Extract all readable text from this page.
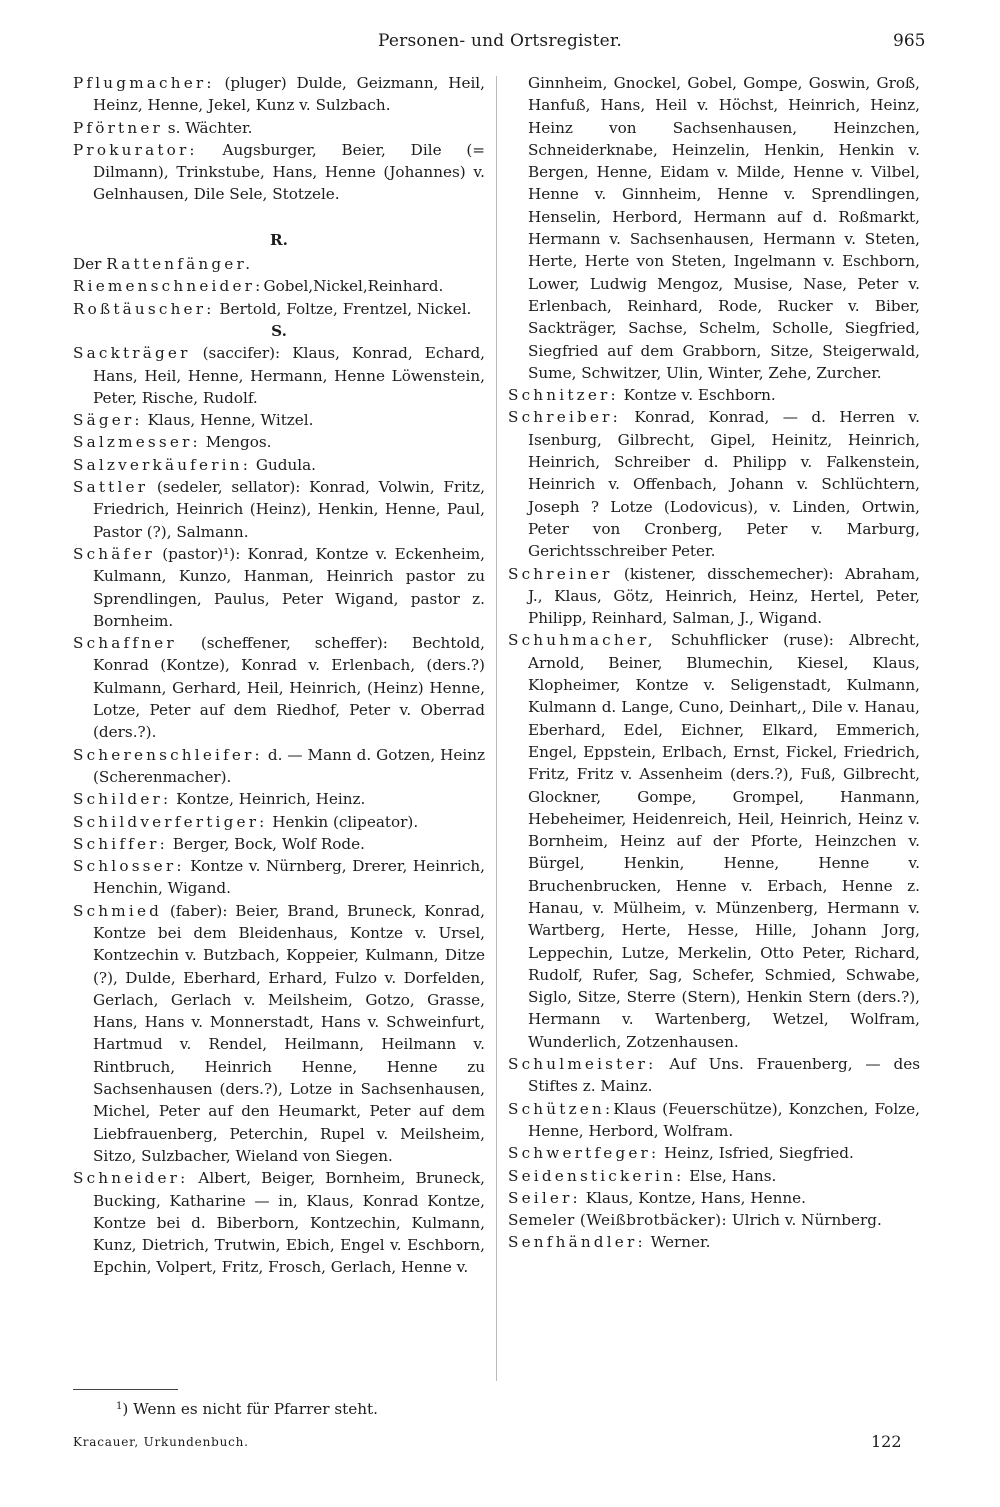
Personen- und Ortsregister.	965

Pflugmacher: (pluger) Dulde, Geizmann, Heil, Heinz, Henne, Jekel, Kunz v. Sulzbach.

Pförtner s. Wächter.

Prokurator: Augsburger, Beier, Dile (= Dilmann), Trinkstube, Hans, Henne (Johannes) v. Gelnhausen, Dile Sele, Stotzele.

R.

Der Rattenfänger.

Riemenschneider:Gobel,Nickel,Reinhard.

Roßtäuscher: Bertold, Foltze, Frentzel, Nickel.

S.

Sackträger (saccifer): Klaus, Konrad, Echard, Hans, Heil, Henne, Hermann, Henne Löwenstein, Peter, Rische, Rudolf.

Säger: Klaus, Henne, Witzel.

Salzmesser: Mengos.

Salzverkäuferin: Gudula.

Sattler (sedeler, sellator): Konrad, Volwin, Fritz, Friedrich, Heinrich (Heinz), Henkin, Henne, Paul, Pastor (?), Salmann.

Schäfer (pastor)¹): Konrad, Kontze v. Eckenheim, Kulmann, Kunzo, Hanman, Heinrich pastor zu Sprendlingen, Paulus, Peter Wigand, pastor z. Bornheim.

Schaffner (scheffener, scheffer): Bechtold, Konrad (Kontze), Konrad v. Erlenbach, (ders.?) Kulmann, Gerhard, Heil, Heinrich, (Heinz) Henne, Lotze, Peter auf dem Riedhof, Peter v. Oberrad (ders.?).

Scherenschleifer: d. — Mann d. Gotzen, Heinz (Scherenmacher).

Schilder: Kontze, Heinrich, Heinz.

Schildverfertiger: Henkin (clipeator).

Schiffer: Berger, Bock, Wolf Rode.

Schlosser: Kontze v. Nürnberg, Drerer, Heinrich, Henchin, Wigand.

Schmied (faber): Beier, Brand, Bruneck, Konrad, Kontze bei dem Bleidenhaus, Kontze v. Ursel, Kontzechin v. Butzbach, Koppeier, Kulmann, Ditze (?), Dulde, Eberhard, Erhard, Fulzo v. Dorfelden, Gerlach, Gerlach v. Meilsheim, Gotzo, Grasse, Hans, Hans v. Monnerstadt, Hans v. Schweinfurt, Hartmud v. Rendel, Heilmann, Heilmann v. Rintbruch, Heinrich Henne, Henne zu Sachsenhausen (ders.?), Lotze in Sachsenhausen, Michel, Peter auf den Heumarkt, Peter auf dem Liebfrauenberg, Peterchin, Rupel v. Meilsheim, Sitzo, Sulzbacher, Wieland von Siegen.

Schneider: Albert, Beiger, Bornheim, Bruneck, Bucking, Katharine — in, Klaus, Konrad Kontze, Kontze bei d. Biberborn, Kontzechin, Kulmann, Kunz, Dietrich, Trutwin, Ebich, Engel v. Eschborn, Epchin, Volpert, Fritz, Frosch, Gerlach, Henne v.

Ginnheim, Gnockel, Gobel, Gompe, Goswin, Groß, Hanfuß, Hans, Heil v. Höchst, Heinrich, Heinz, Heinz von Sachsenhausen, Heinzchen, Schneiderknabe, Heinzelin, Henkin, Henkin v. Bergen, Henne, Eidam v. Milde, Henne v. Vilbel, Henne v. Ginnheim, Henne v. Sprendlingen, Henselin, Herbord, Hermann auf d. Roßmarkt, Hermann v. Sachsenhausen, Hermann v. Steten, Herte, Herte von Steten, Ingelmann v. Eschborn, Lower, Ludwig Mengoz, Musise, Nase, Peter v. Erlenbach, Reinhard, Rode, Rucker v. Biber, Sackträger, Sachse, Schelm, Scholle, Siegfried, Siegfried auf dem Grabborn, Sitze, Steigerwald, Sume, Schwitzer, Ulin, Winter, Zehe, Zurcher.

Schnitzer: Kontze v. Eschborn.

Schreiber: Konrad, Konrad, — d. Herren v. Isenburg, Gilbrecht, Gipel, Heinitz, Heinrich, Heinrich, Schreiber d. Philipp v. Falkenstein, Heinrich v. Offenbach, Johann v. Schlüchtern, Joseph ? Lotze (Lodovicus), v. Linden, Ortwin, Peter von Cronberg, Peter v. Marburg, Gerichtsschreiber Peter.

Schreiner (kistener, disschemecher): Abraham, J., Klaus, Götz, Heinrich, Heinz, Hertel, Peter, Philipp, Reinhard, Salman, J., Wigand.

Schuhmacher, Schuhflicker (ruse): Albrecht, Arnold, Beiner, Blumechin, Kiesel, Klaus, Klopheimer, Kontze v. Seligenstadt, Kulmann, Kulmann d. Lange, Cuno, Deinhart,, Dile v. Hanau, Eberhard, Edel, Eichner, Elkard, Emmerich, Engel, Eppstein, Erlbach, Ernst, Fickel, Friedrich, Fritz, Fritz v. Assenheim (ders.?), Fuß, Gilbrecht, Glockner, Gompe, Grompel, Hanmann, Hebeheimer, Heidenreich, Heil, Heinrich, Heinz v. Bornheim, Heinz auf der Pforte, Heinzchen v. Bürgel, Henkin, Henne, Henne v. Bruchenbrucken, Henne v. Erbach, Henne z. Hanau, v. Mülheim, v. Münzenberg, Hermann v. Wartberg, Herte, Hesse, Hille, Johann Jorg, Leppechin, Lutze, Merkelin, Otto Peter, Richard, Rudolf, Rufer, Sag, Schefer, Schmied, Schwabe, Siglo, Sitze, Sterre (Stern), Henkin Stern (ders.?), Hermann v. Wartenberg, Wetzel, Wolfram, Wunderlich, Zotzenhausen.

Schulmeister: Auf Uns. Frauenberg, — des Stiftes z. Mainz.

Schützen:Klaus (Feuerschütze), Konzchen, Folze, Henne, Herbord, Wolfram.

Schwertfeger: Heinz, Isfried, Siegfried.

Seidenstickerin: Else, Hans.

Seiler: Klaus, Kontze, Hans, Henne.

Semeler (Weißbrotbäcker): Ulrich v. Nürnberg.

Senfhändler: Werner.

$^1$) Wenn es nicht für Pfarrer steht.
Kracauer, Urkundenbuch.	122
